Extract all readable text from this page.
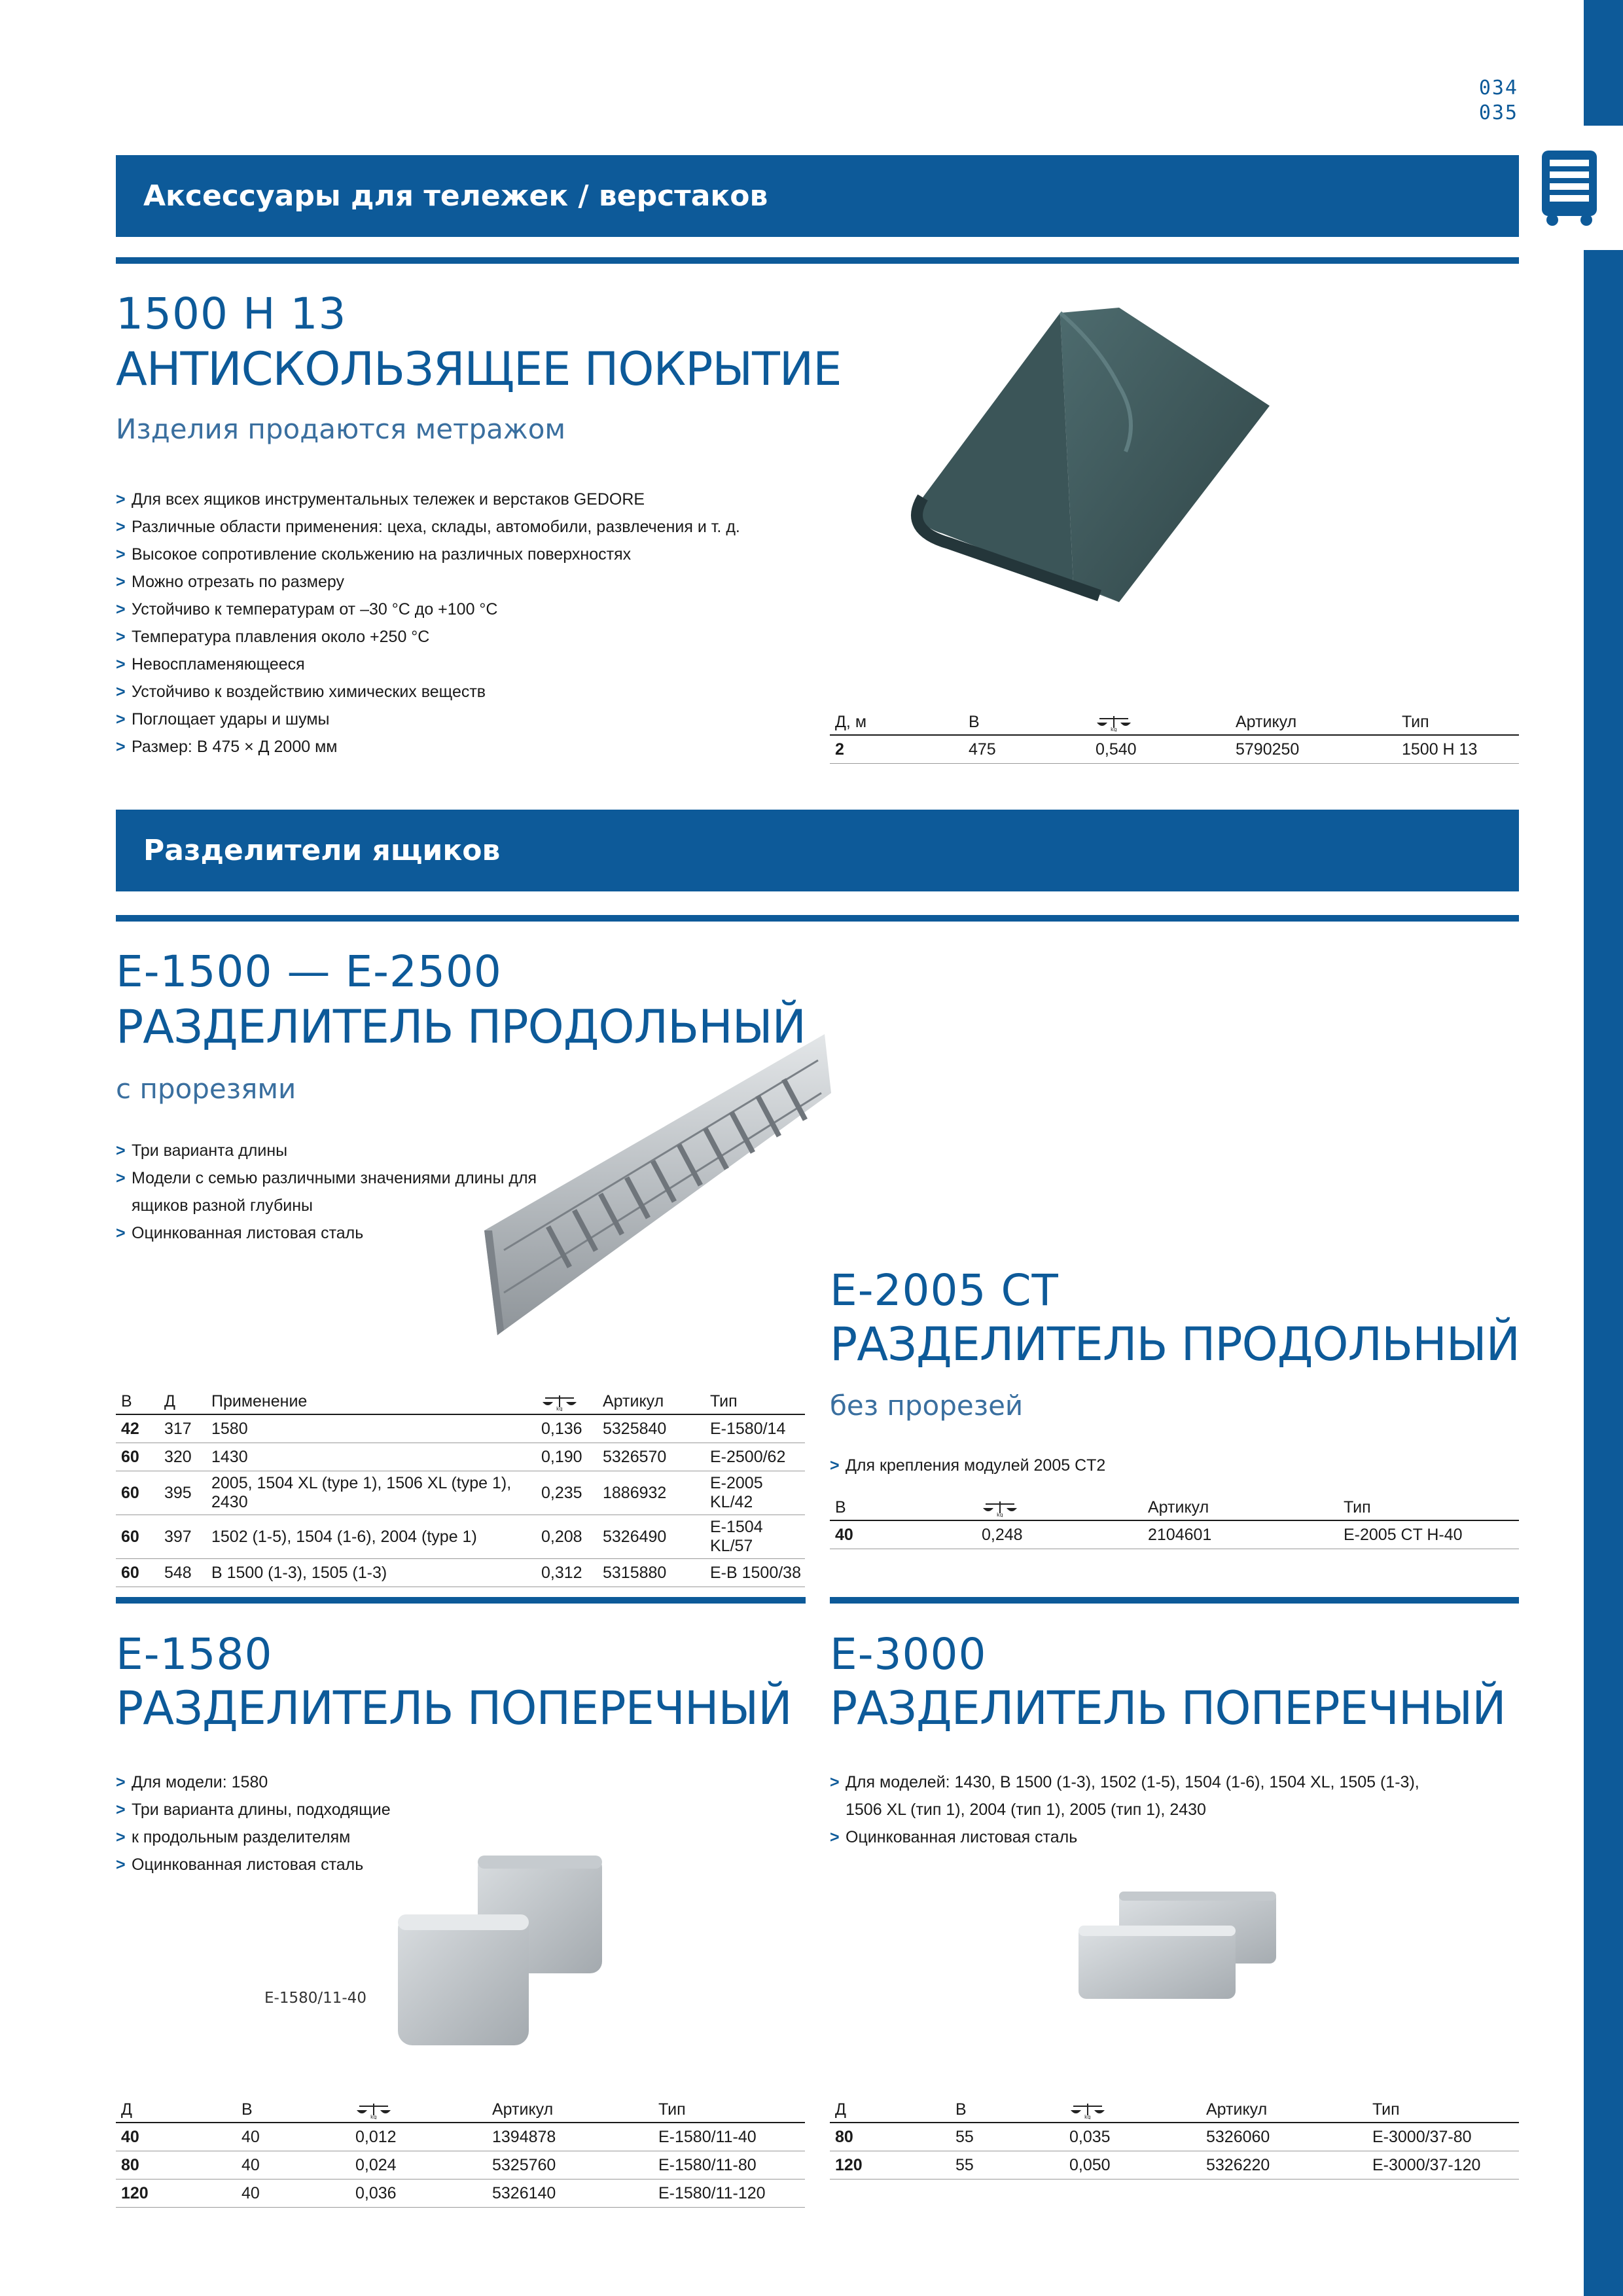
034
035
Аксессуары для тележек / верстаков
1500 H 13
АНТИСКОЛЬЗЯЩЕЕ ПОКРЫТИЕ
Изделия продаются метражом
> Для всех ящиков инструментальных тележек и верстаков GEDORE
> Различные области применения: цеха, склады, автомобили, развлечения и т. д.
> Высокое сопротивление скольжению на различных поверхностях
> Можно отрезать по размеру
> Устойчиво к температурам от –30 °C до +100 °C
> Температура плавления около +250 °C
> Невоспламеняющееся
> Устойчиво к воздействию химических веществ
> Поглощает удары и шумы
> Размер: В 475 × Д 2000 мм
Д, м	В	kg	Артикул	Тип
2	475	0,540	5790250	1500 H 13
Разделители ящиков
E-1500 — E-2500
РАЗДЕЛИТЕЛЬ ПРОДОЛЬНЫЙ
с прорезями
> Три варианта длины
> Модели с семью различными значениями длины для
ящиков разной глубины
> Оцинкованная листовая сталь
В	Д	Применение	kg	Артикул	Тип
42	317	1580	0,136	5325840	E-1580/14
60	320	1430	0,190	5326570	E-2500/62
60	395	2005, 1504 XL (type 1), 1506 XL (type 1), 2430	0,235	1886932	E-2005 KL/42
60	397	1502 (1-5), 1504 (1-6), 2004 (type 1)	0,208	5326490	E-1504 KL/57
60	548	B 1500 (1-3), 1505 (1-3)	0,312	5315880	E-B 1500/38
E-2005 CT
РАЗДЕЛИТЕЛЬ ПРОДОЛЬНЫЙ
без прорезей
> Для крепления модулей 2005 CT2
В	kg	Артикул	Тип
40	0,248	2104601	E-2005 CT H-40
E-1580
РАЗДЕЛИТЕЛЬ ПОПЕРЕЧНЫЙ
> Для модели: 1580
> Три варианта длины, подходящие
> к продольным разделителям
> Оцинкованная листовая сталь
E-1580/11-40
Д	В	kg	Артикул	Тип
40	40	0,012	1394878	E-1580/11-40
80	40	0,024	5325760	E-1580/11-80
120	40	0,036	5326140	E-1580/11-120
E-3000
РАЗДЕЛИТЕЛЬ ПОПЕРЕЧНЫЙ
> Для моделей: 1430, B 1500 (1-3), 1502 (1-5), 1504 (1-6), 1504 XL, 1505 (1-3),
1506 XL (тип 1), 2004 (тип 1), 2005 (тип 1), 2430
> Оцинкованная листовая сталь
Д	В	kg	Артикул	Тип
80	55	0,035	5326060	E-3000/37-80
120	55	0,050	5326220	E-3000/37-120
